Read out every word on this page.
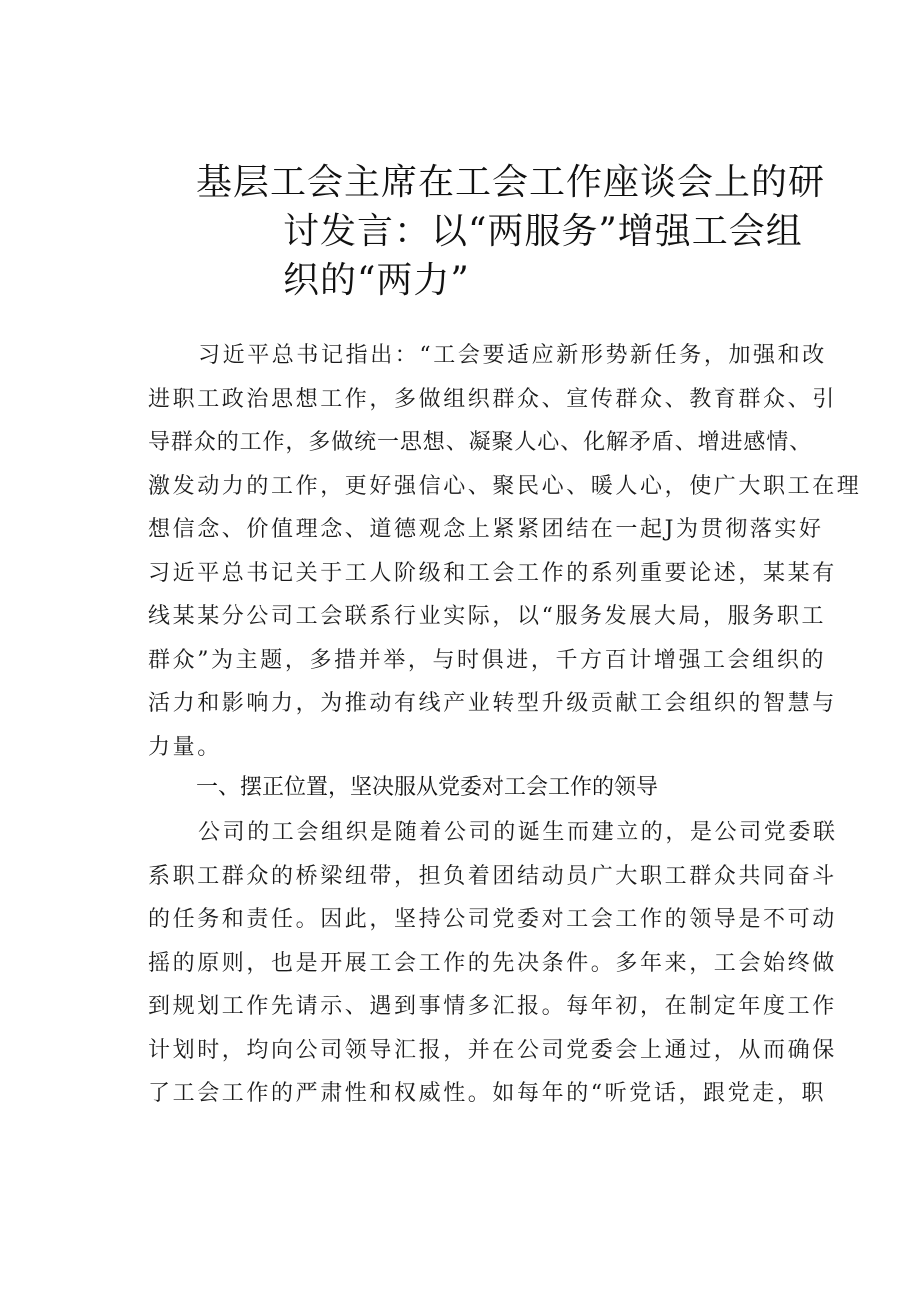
基层工会主席在工会工作座谈会上的研
讨发言：以“两服务”增强工会组
织的“两力”
习近平总书记指出：“工会要适应新形势新任务，加强和改
进职工政治思想工作，多做组织群众、宣传群众、教育群众、引
导群众的工作，多做统一思想、凝聚人心、化解矛盾、增进感情、
激发动力的工作，更好强信心、聚民心、暖人心，使广大职工在理
想信念、价值理念、道德观念上紧紧团结在一起J为贯彻落实好
习近平总书记关于工人阶级和工会工作的系列重要论述，某某有
线某某分公司工会联系行业实际，以“服务发展大局，服务职工
群众”为主题，多措并举，与时俱进，千方百计增强工会组织的
活力和影响力，为推动有线产业转型升级贡献工会组织的智慧与
力量。
一、摆正位置，坚决服从党委对工会工作的领导
公司的工会组织是随着公司的诞生而建立的，是公司党委联
系职工群众的桥梁纽带，担负着团结动员广大职工群众共同奋斗
的任务和责任。因此，坚持公司党委对工会工作的领导是不可动
摇的原则，也是开展工会工作的先决条件。多年来，工会始终做
到规划工作先请示、遇到事情多汇报。每年初，在制定年度工作
计划时，均向公司领导汇报，并在公司党委会上通过，从而确保
了工会工作的严肃性和权威性。如每年的“听党话，跟党走，职
